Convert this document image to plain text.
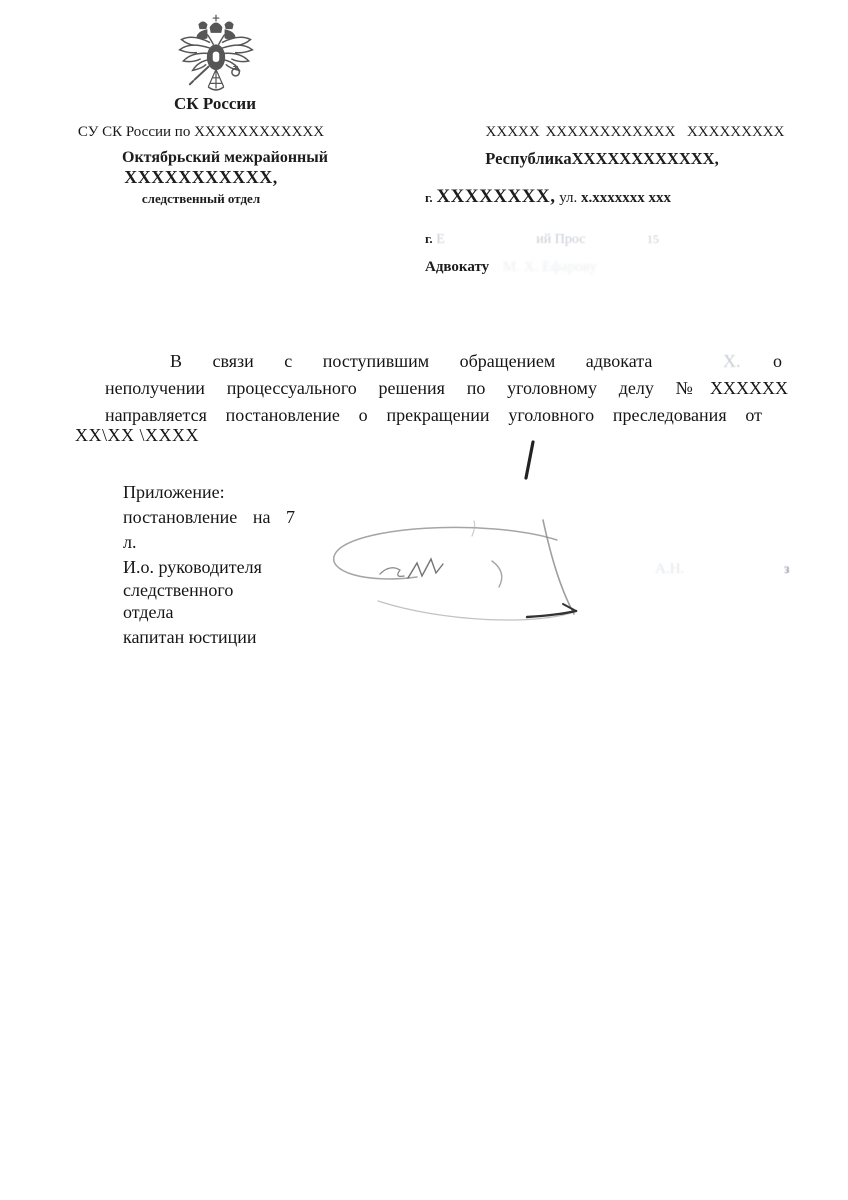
СК России
СУ СК России по ХХХХХХХХХХХХ
Октябрьский межрайонный
ХХХХХХХХХХХ,
следственный отдел
ХХХХХ ХХХХХХХХХХХХ  ХХХХХХХХХ
РеспубликаХХХХХХХХХХХХ,
г. ХХХХХХХХ, ул. х.ххххххх ххх
г. Е	ий Прос	15
Адвокату М. Х. Ефарову
В связи с поступившим обращением адвоката	Х. о
неполучении процессуального решения по уголовному делу №ХХХХХХ
направляется постановление о прекращении уголовного преследования от
ХХ\ХХ \ХХХХ
Приложение:
постановление на 7
л.
И.о. руководителя
следственного
отдела
капитан юстиции
А.Н.	з
